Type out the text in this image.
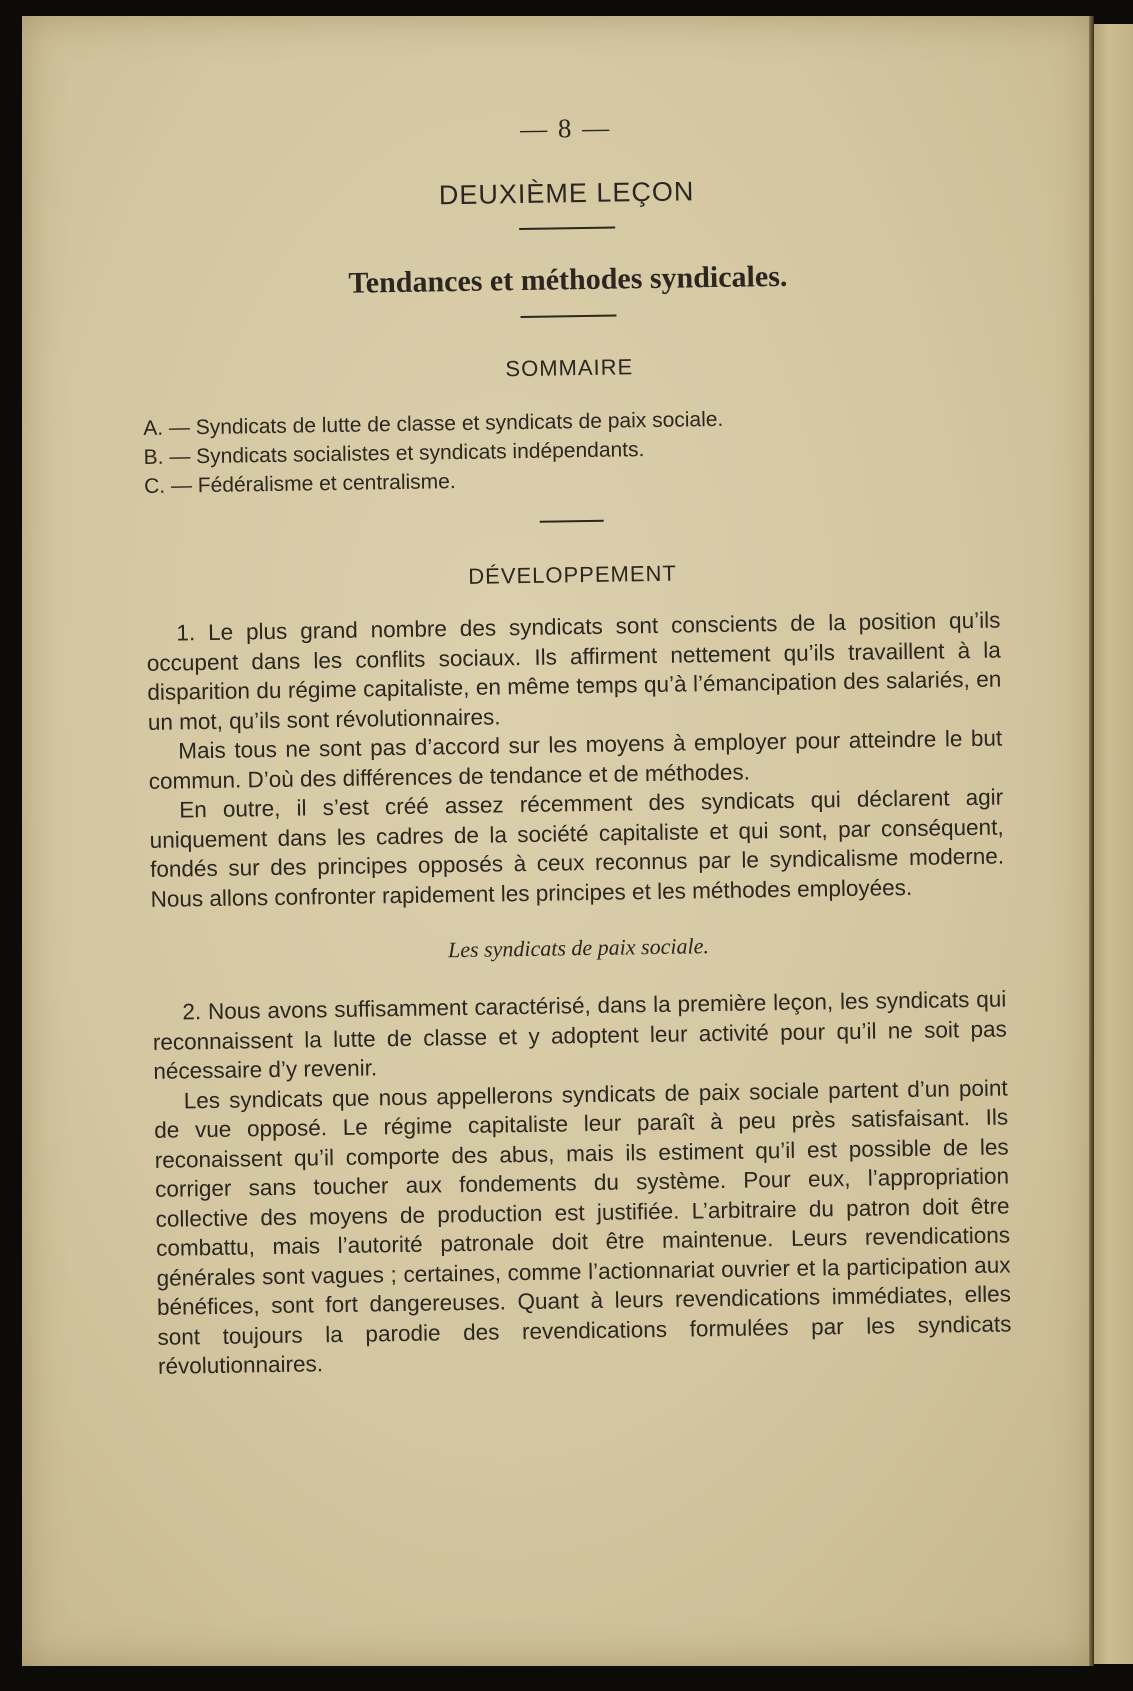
— 8 —
DEUXIÈME LEÇON
Tendances et méthodes syndicales.
SOMMAIRE
A. — Syndicats de lutte de classe et syndicats de paix sociale.
B. — Syndicats socialistes et syndicats indépendants.
C. — Fédéralisme et centralisme.
DÉVELOPPEMENT

1. Le plus grand nombre des syndicats sont conscients de la position qu’ils occupent dans les conflits sociaux. Ils affirment nettement qu’ils travaillent à la disparition du régime capitaliste, en même temps qu’à l’émancipation des salariés, en un mot, qu’ils sont révolutionnaires.

Mais tous ne sont pas d’accord sur les moyens à employer pour atteindre le but commun. D’où des différences de tendance et de méthodes.

En outre, il s’est créé assez récemment des syndicats qui déclarent agir uniquement dans les cadres de la société capitaliste et qui sont, par conséquent, fondés sur des principes opposés à ceux reconnus par le syndicalisme moderne. Nous allons confronter rapidement les principes et les méthodes employées.

Les syndicats de paix sociale.

2. Nous avons suffisamment caractérisé, dans la première leçon, les syndicats qui reconnaissent la lutte de classe et y adoptent leur activité pour qu’il ne soit pas nécessaire d’y revenir.

Les syndicats que nous appellerons syndicats de paix sociale partent d’un point de vue opposé. Le régime capitaliste leur paraît à peu près satisfaisant. Ils reconaissent qu’il comporte des abus, mais ils estiment qu’il est possible de les corriger sans toucher aux fondements du système. Pour eux, l’appropriation collective des moyens de production est justifiée. L’arbitraire du patron doit être combattu, mais l’autorité patronale doit être maintenue. Leurs revendications générales sont vagues ; certaines, comme l’actionnariat ouvrier et la participation aux bénéfices, sont fort dangereuses. Quant à leurs revendications immédiates, elles sont toujours la parodie des revendications formulées par les syndicats révolutionnaires.
